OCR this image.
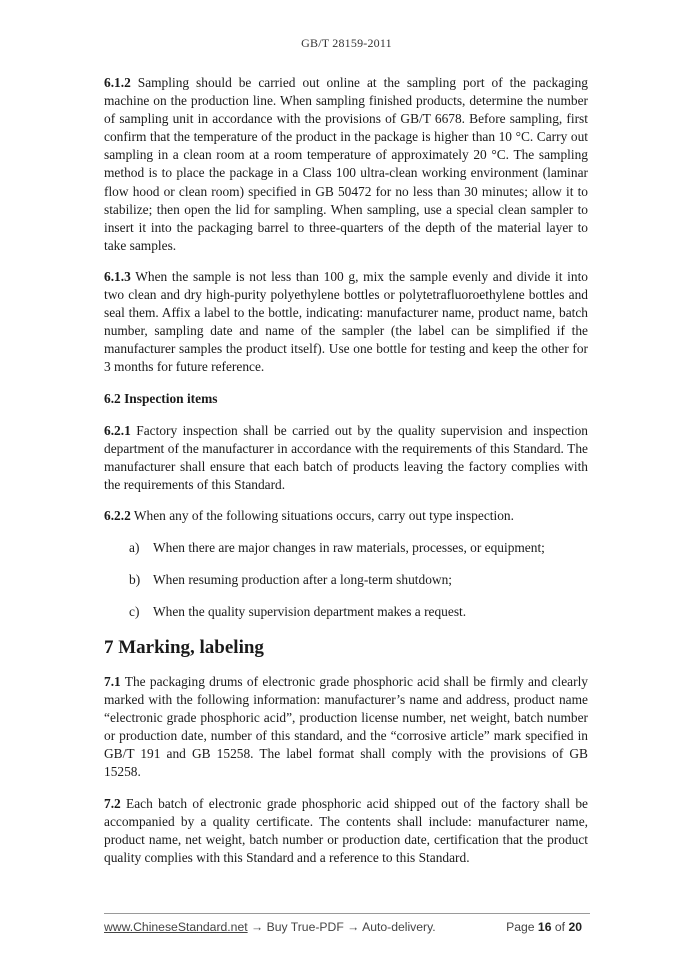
GB/T 28159-2011

6.1.2 Sampling should be carried out online at the sampling port of the packaging machine on the production line. When sampling finished products, determine the number of sampling unit in accordance with the provisions of GB/T 6678. Before sampling, first confirm that the temperature of the product in the package is higher than 10 °C. Carry out sampling in a clean room at a room temperature of approximately 20 °C. The sampling method is to place the package in a Class 100 ultra-clean working environment (laminar flow hood or clean room) specified in GB 50472 for no less than 30 minutes; allow it to stabilize; then open the lid for sampling. When sampling, use a special clean sampler to insert it into the packaging barrel to three-quarters of the depth of the material layer to take samples.

6.1.3 When the sample is not less than 100 g, mix the sample evenly and divide it into two clean and dry high-purity polyethylene bottles or polytetrafluoroethylene bottles and seal them. Affix a label to the bottle, indicating: manufacturer name, product name, batch number, sampling date and name of the sampler (the label can be simplified if the manufacturer samples the product itself). Use one bottle for testing and keep the other for 3 months for future reference.

6.2 Inspection items

6.2.1 Factory inspection shall be carried out by the quality supervision and inspection department of the manufacturer in accordance with the requirements of this Standard. The manufacturer shall ensure that each batch of products leaving the factory complies with the requirements of this Standard.

6.2.2 When any of the following situations occurs, carry out type inspection.

a)	When there are major changes in raw materials, processes, or equipment;
b) When resuming production after a long-term shutdown;
c)	When the quality supervision department makes a request.
7 Marking, labeling

7.1 The packaging drums of electronic grade phosphoric acid shall be firmly and clearly marked with the following information: manufacturer’s name and address, product name “electronic grade phosphoric acid”, production license number, net weight, batch number or production date, number of this standard, and the “corrosive article” mark specified in GB/T 191 and GB 15258. The label format shall comply with the provisions of GB 15258.

7.2 Each batch of electronic grade phosphoric acid shipped out of the factory shall be accompanied by a quality certificate. The contents shall include: manufacturer name, product name, net weight, batch number or production date, certification that the product quality complies with this Standard and a reference to this Standard.

www.ChineseStandard.net → Buy True-PDF → Auto-delivery.	Page 16 of 20
